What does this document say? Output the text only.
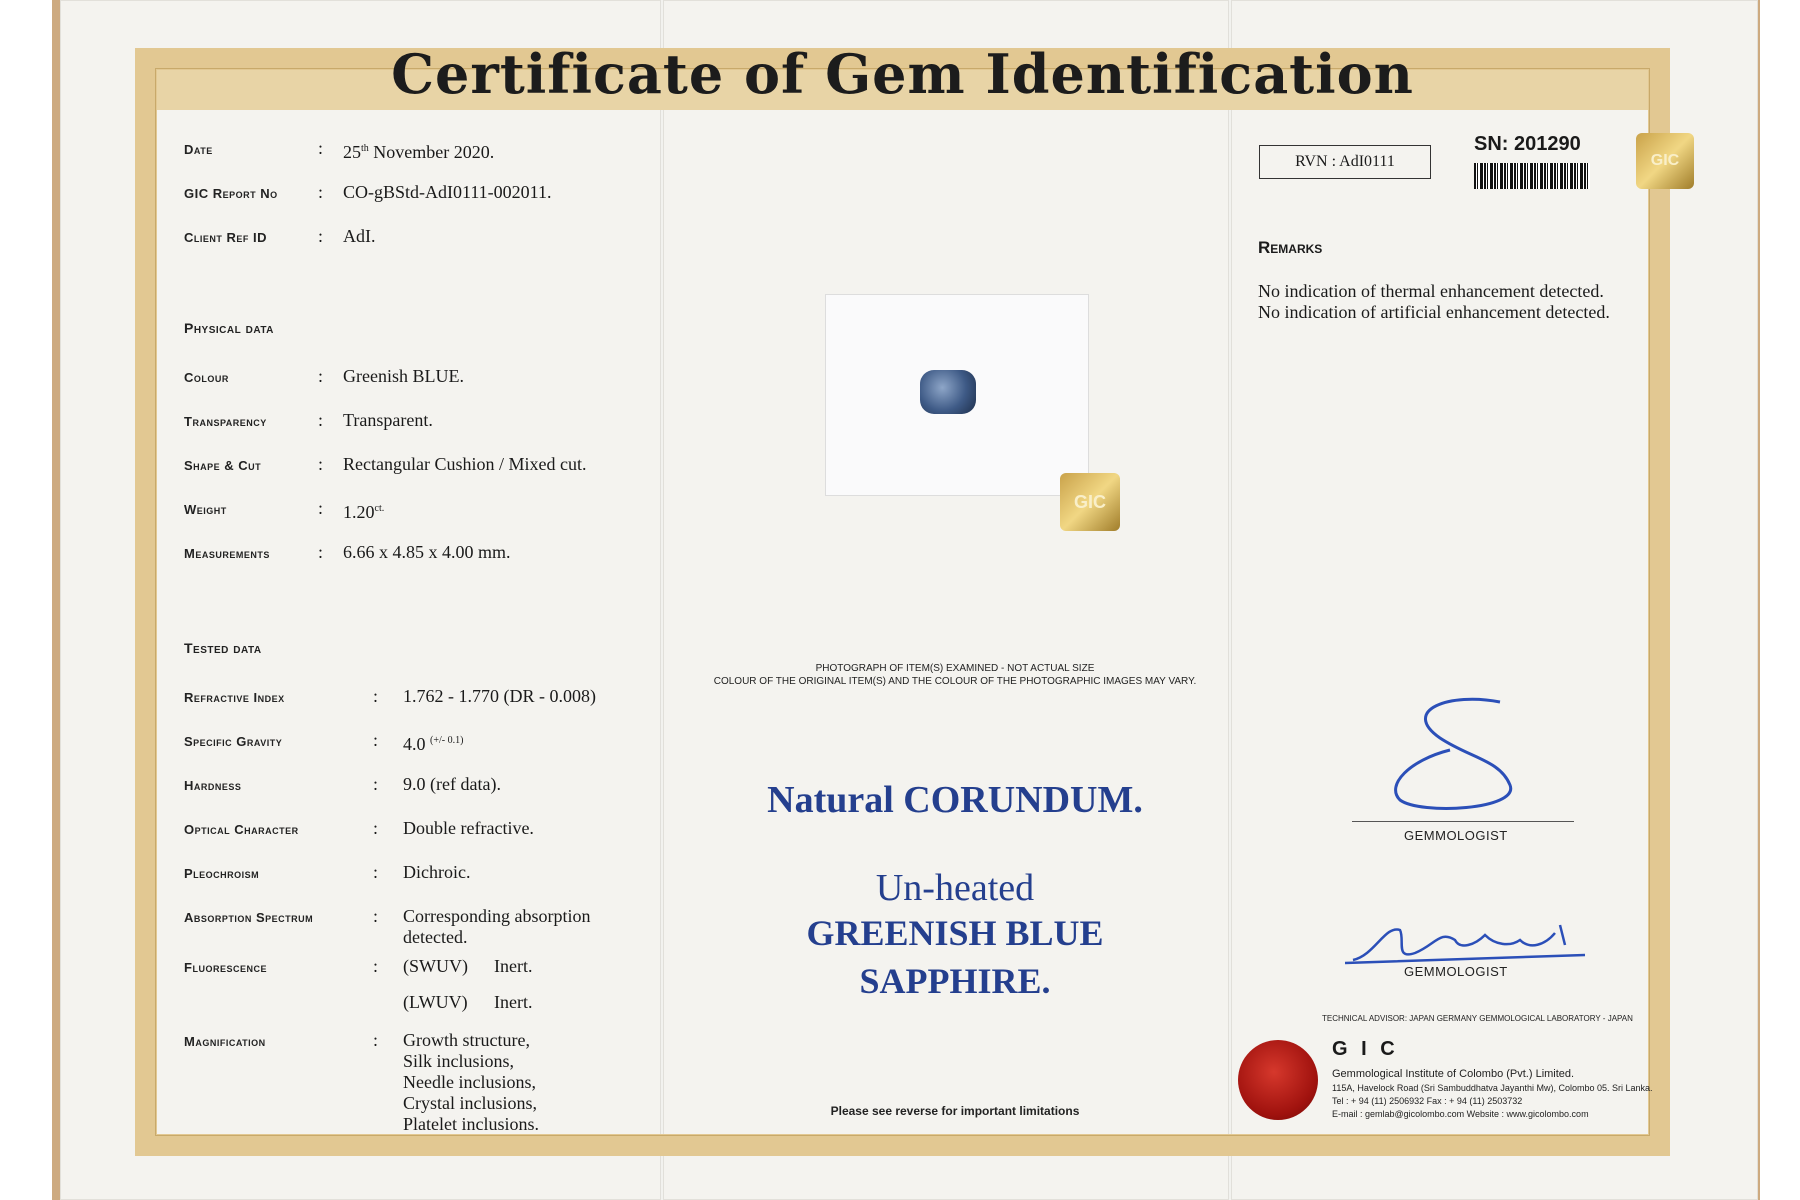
Certificate of Gem Identification
Date	: 25th November 2020.
GIC Report No : CO-gBStd-AdI0111-002011.
Client Ref ID	: AdI.
Physical data
Colour	: Greenish BLUE.
Transparency	: Transparent.
Shape & Cut	: Rectangular Cushion / Mixed cut.
Weight	: $1.20^{ct.}$
Measurements	: 6.66 x 4.85 x 4.00 mm.
Tested data
Refractive Index	: 1.762 - 1.770 (DR - 0.008)
Specific Gravity	: 4.0 $^{(+/- 0.1)}$
Hardness	: 9.0 (ref data).
Optical Character	: Double refractive.
Pleochroism	: Dichroic.
Absorption Spectrum	: Corresponding absorption
detected.
Fluorescence	: (SWUV) Inert.
(LWUV) Inert.
Magnification	: Growth structure,
Silk inclusions,
Needle inclusions,
Crystal inclusions,
Platelet inclusions.
GIC
PHOTOGRAPH OF ITEM(S) EXAMINED - NOT ACTUAL SIZE
COLOUR OF THE ORIGINAL ITEM(S) AND THE COLOUR OF THE PHOTOGRAPHIC IMAGES MAY VARY.
Natural CORUNDUM.
Un-heated
GREENISH BLUE
SAPPHIRE.
Please see reverse for important limitations
RVN : AdI0111
SN: 201290
GIC
Remarks
No indication of thermal enhancement detected.
No indication of artificial enhancement detected.
GEMMOLOGIST
GEMMOLOGIST
TECHNICAL ADVISOR: JAPAN GERMANY GEMMOLOGICAL LABORATORY - JAPAN
G I C
Gemmological Institute of Colombo (Pvt.) Limited.
115A, Havelock Road (Sri Sambuddhatva Jayanthi Mw), Colombo 05. Sri Lanka.
Tel : + 94 (11) 2506932 Fax : + 94 (11) 2503732
E-mail : gemlab@gicolombo.com Website : www.gicolombo.com
